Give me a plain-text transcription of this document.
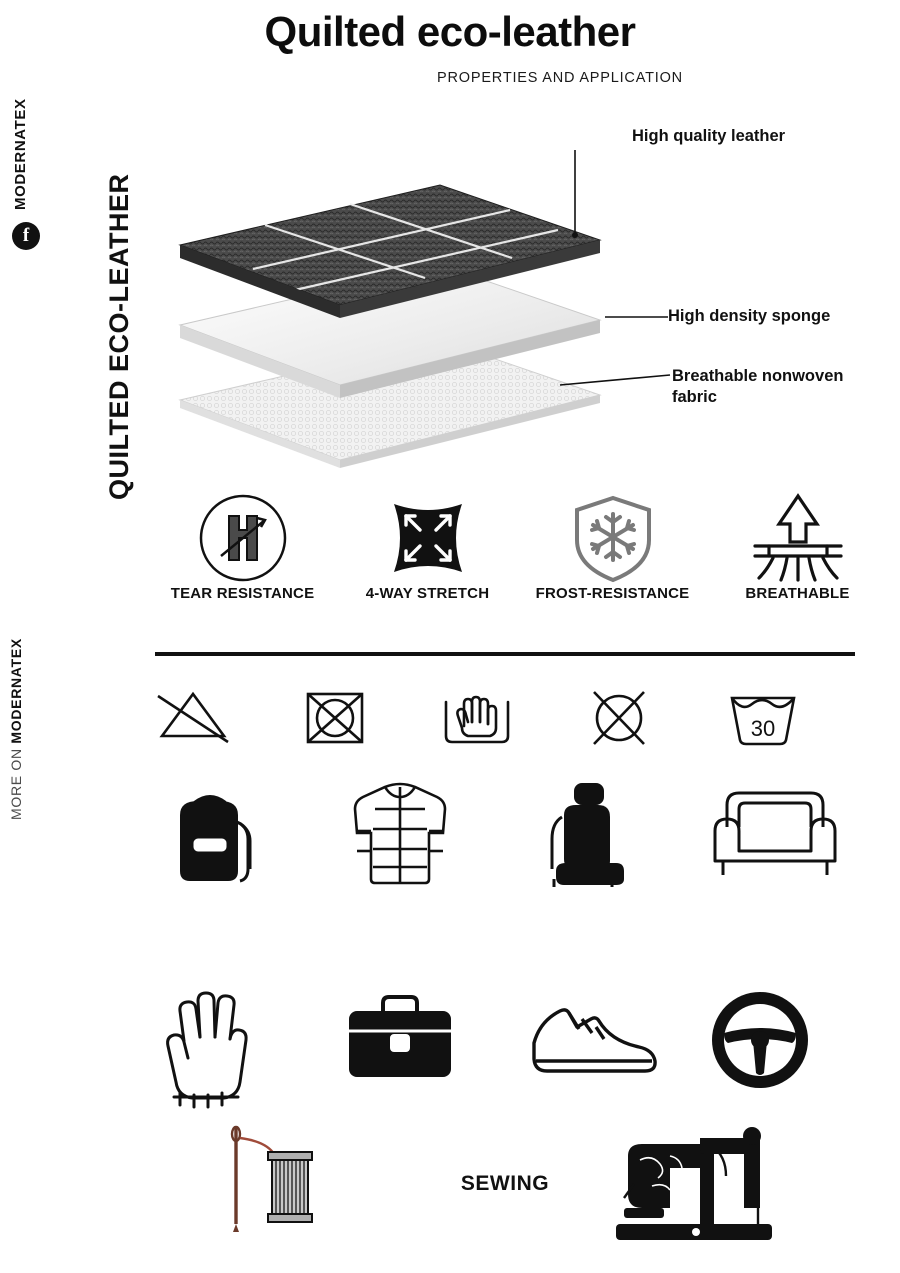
MODERNATEX
f
MORE ON MODERNATEX
Quilted eco-leather
PROPERTIES AND APPLICATION
QUILTED ECO-LEATHER
High quality leather
High density sponge
Breathable nonwoven fabric
TEAR RESISTANCE	4-WAY STRETCH	FROST-RESISTANCE	BREATHABLE
30
SEWING
